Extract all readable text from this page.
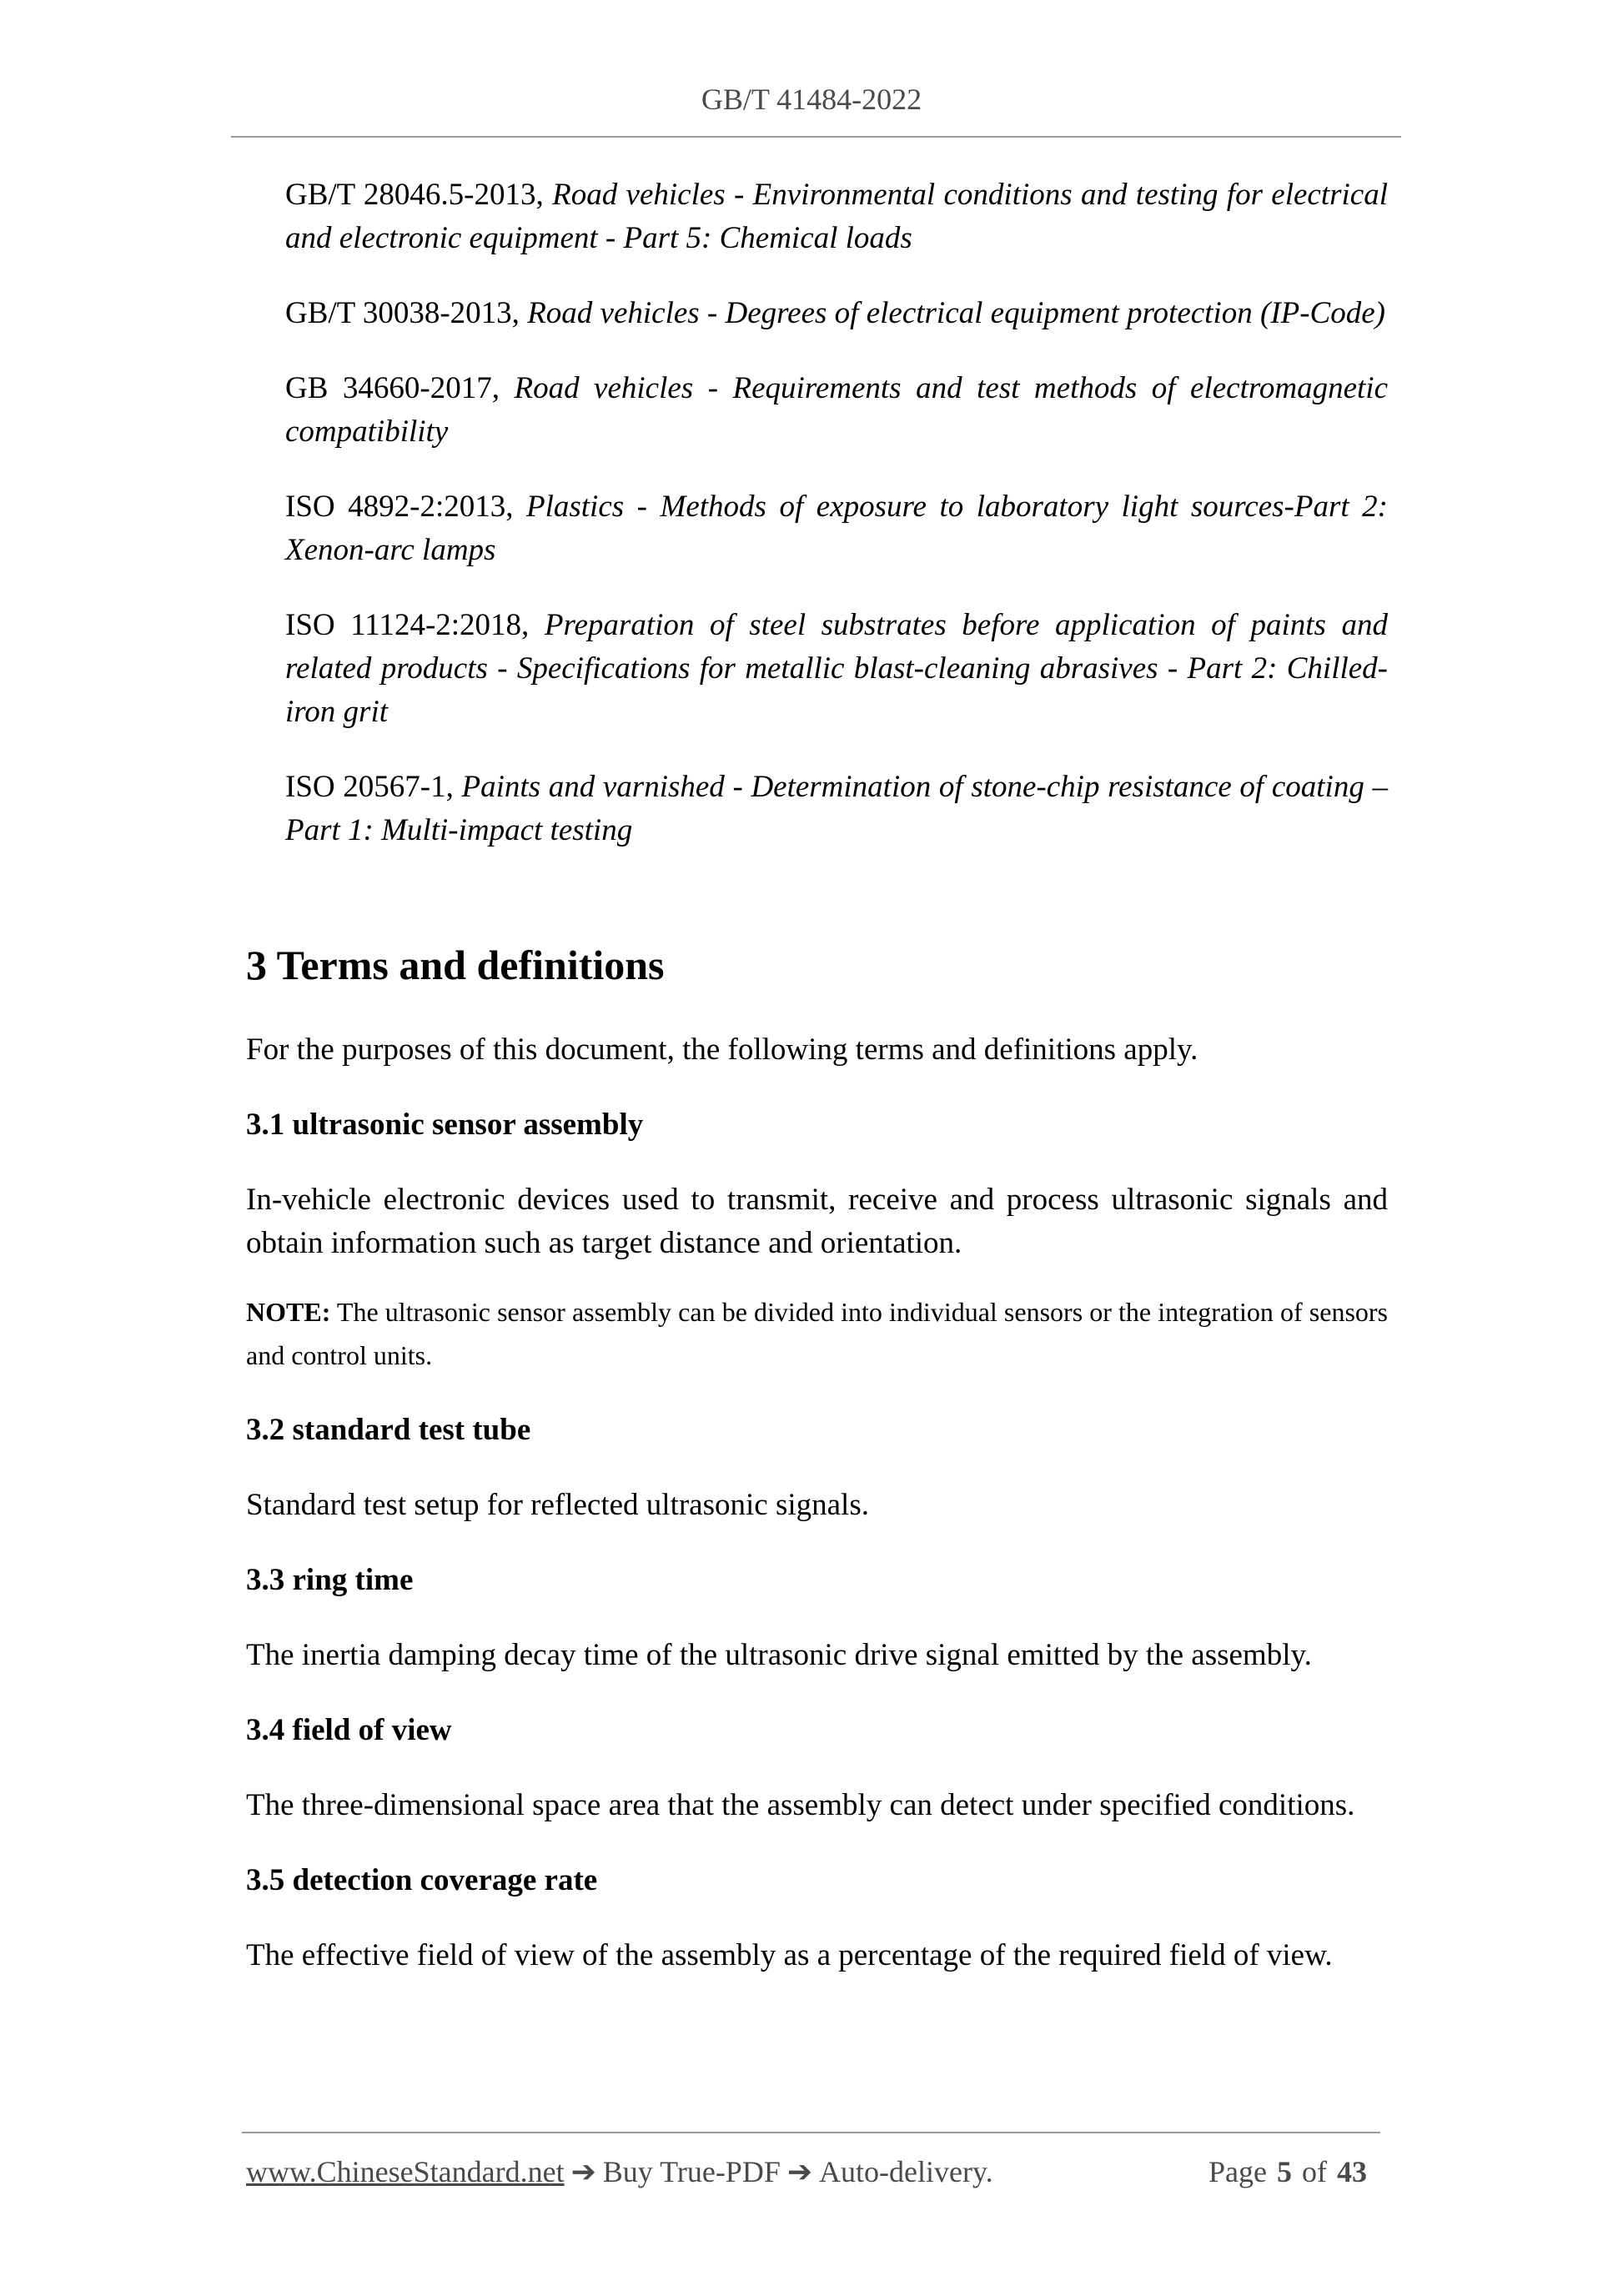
GB/T 41484-2022

GB/T 28046.5-2013, Road vehicles - Environmental conditions and testing for electrical and electronic equipment - Part 5: Chemical loads

GB/T 30038-2013, Road vehicles - Degrees of electrical equipment protection (IP-Code)

GB 34660-2017, Road vehicles - Requirements and test methods of electromagnetic compatibility

ISO 4892-2:2013, Plastics - Methods of exposure to laboratory light sources-Part 2: Xenon-arc lamps

ISO 11124-2:2018, Preparation of steel substrates before application of paints and related products - Specifications for metallic blast-cleaning abrasives - Part 2: Chilled-iron grit

ISO 20567-1, Paints and varnished - Determination of stone-chip resistance of coating – Part 1: Multi-impact testing

3 Terms and definitions

For the purposes of this document, the following terms and definitions apply.

3.1 ultrasonic sensor assembly

In-vehicle electronic devices used to transmit, receive and process ultrasonic signals and obtain information such as target distance and orientation.

NOTE: The ultrasonic sensor assembly can be divided into individual sensors or the integration of sensors and control units.

3.2 standard test tube

Standard test setup for reflected ultrasonic signals.

3.3 ring time

The inertia damping decay time of the ultrasonic drive signal emitted by the assembly.

3.4 field of view

The three-dimensional space area that the assembly can detect under specified conditions.

3.5 detection coverage rate

The effective field of view of the assembly as a percentage of the required field of view.

www.ChineseStandard.net ➔ Buy True-PDF ➔ Auto-delivery.	Page 5 of 43
